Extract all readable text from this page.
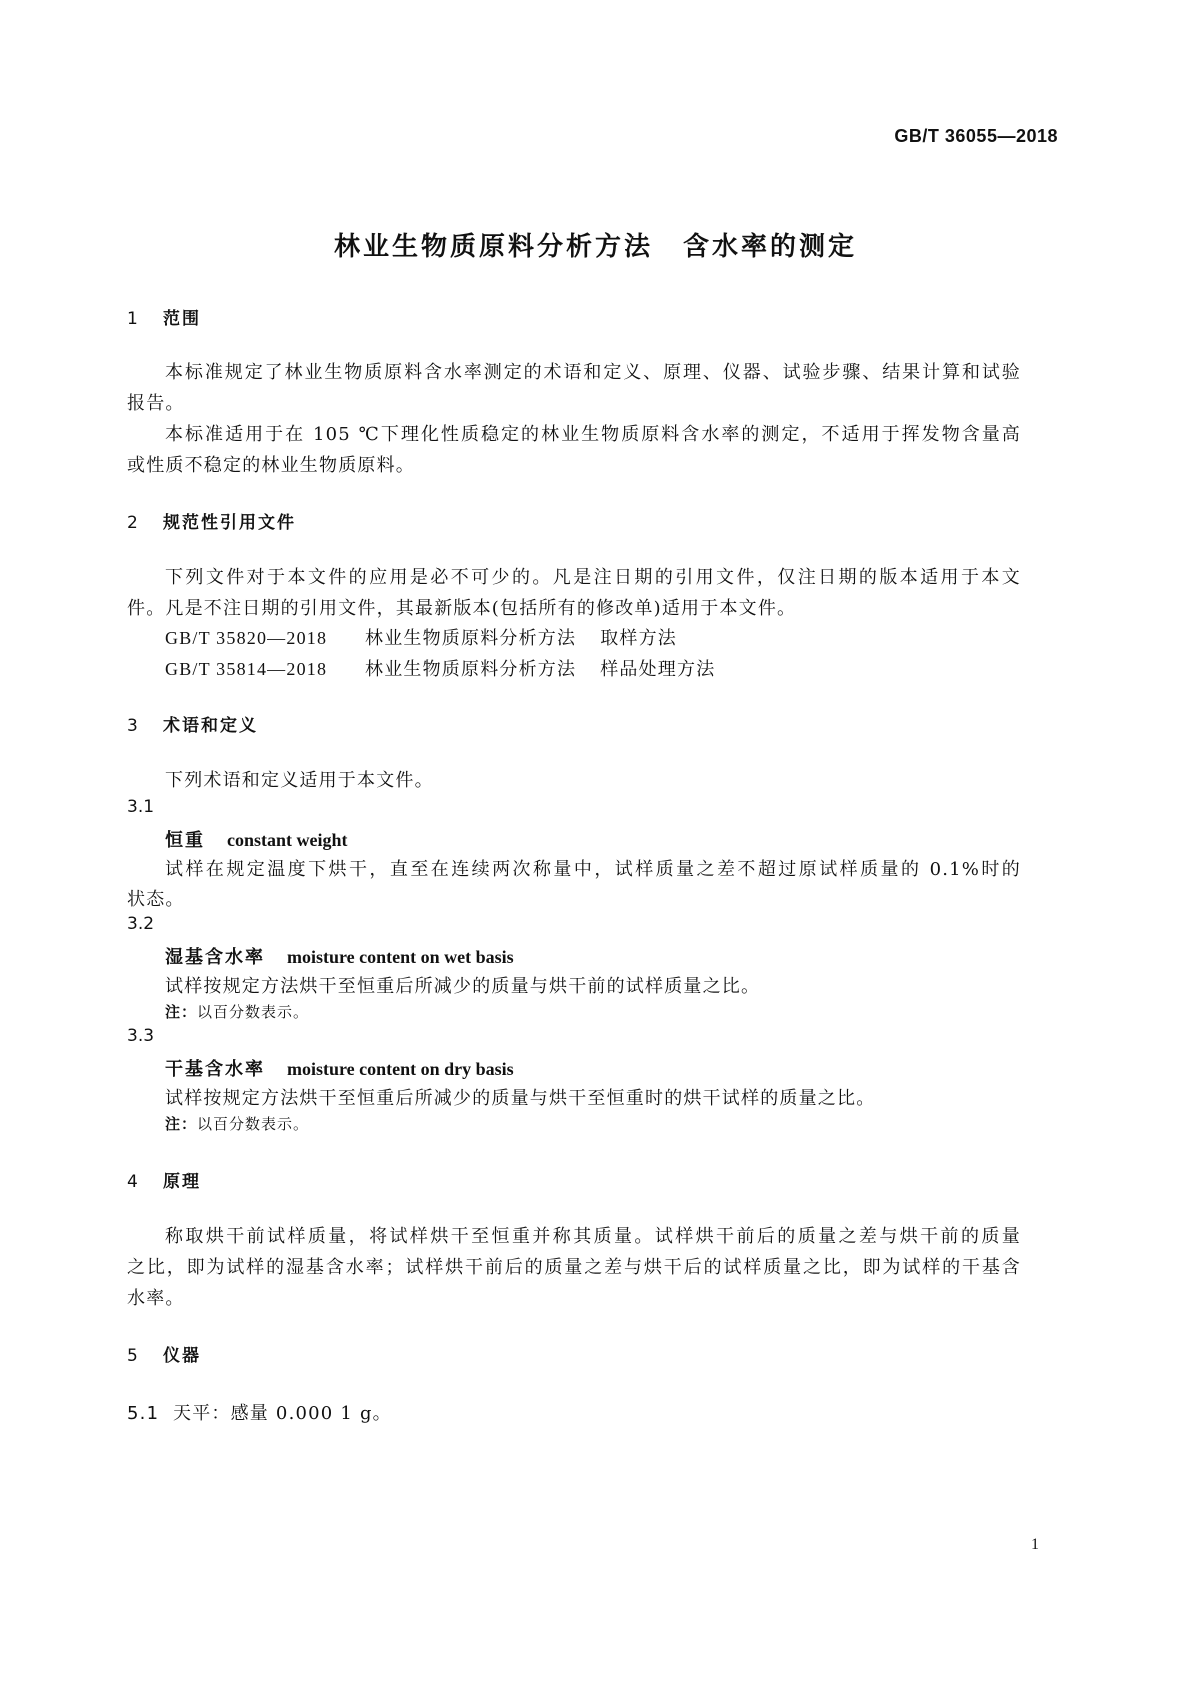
GB/T 36055—2018
林业生物质原料分析方法 含水率的测定
1 范围
本标准规定了林业生物质原料含水率测定的术语和定义、原理、仪器、试验步骤、结果计算和试验
报告。
本标准适用于在 105 ℃下理化性质稳定的林业生物质原料含水率的测定，不适用于挥发物含量高
或性质不稳定的林业生物质原料。
2 规范性引用文件
下列文件对于本文件的应用是必不可少的。凡是注日期的引用文件，仅注日期的版本适用于本文
件。凡是不注日期的引用文件，其最新版本(包括所有的修改单)适用于本文件。
GB/T 35820—2018 林业生物质原料分析方法 取样方法
GB/T 35814—2018 林业生物质原料分析方法 样品处理方法
3 术语和定义
下列术语和定义适用于本文件。
3.1
恒重 constant weight
试样在规定温度下烘干，直至在连续两次称量中，试样质量之差不超过原试样质量的 0.1%时的
状态。
3.2
湿基含水率 moisture content on wet basis
试样按规定方法烘干至恒重后所减少的质量与烘干前的试样质量之比。
注：以百分数表示。
3.3
干基含水率 moisture content on dry basis
试样按规定方法烘干至恒重后所减少的质量与烘干至恒重时的烘干试样的质量之比。
注：以百分数表示。
4 原理
称取烘干前试样质量，将试样烘干至恒重并称其质量。试样烘干前后的质量之差与烘干前的质量
之比，即为试样的湿基含水率；试样烘干前后的质量之差与烘干后的试样质量之比，即为试样的干基含
水率。
5 仪器
5.1 天平：感量 0.000 1 g。
1
